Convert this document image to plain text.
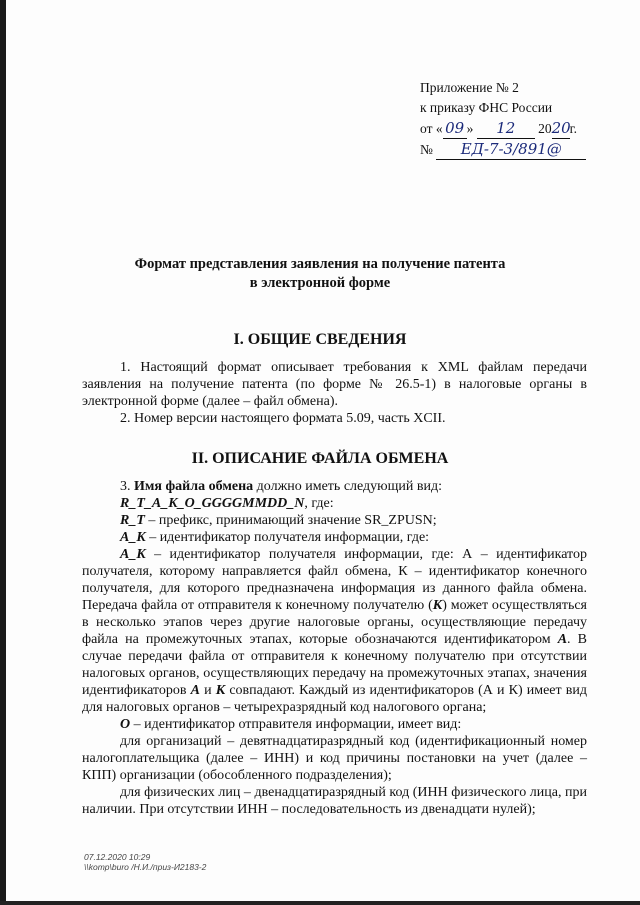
Приложение № 2
к приказу ФНС России
от « 09 » 12 2020г.
№ ЕД-7-3/891@
Формат представления заявления на получение патента
в электронной форме
I. ОБЩИЕ СВЕДЕНИЯ

1. Настоящий формат описывает требования к XML файлам передачи заявления на получение патента (по форме № 26.5-1) в налоговые органы в электронной форме (далее – файл обмена).

2. Номер версии настоящего формата 5.09, часть XCII.

II. ОПИСАНИЕ ФАЙЛА ОБМЕНА

3. Имя файла обмена должно иметь следующий вид:

R_T_A_K_O_GGGGMMDD_N, где:

R_T – префикс, принимающий значение SR_ZPUSN;

A_K – идентификатор получателя информации, где:

A_K – идентификатор получателя информации, где: А – идентификатор получателя, которому направляется файл обмена, К – идентификатор конечного получателя, для которого предназначена информация из данного файла обмена. Передача файла от отправителя к конечному получателю (К) может осуществляться в несколько этапов через другие налоговые органы, осуществляющие передачу файла на промежуточных этапах, которые обозначаются идентификатором А. В случае передачи файла от отправителя к конечному получателю при отсутствии налоговых органов, осуществляющих передачу на промежуточных этапах, значения идентификаторов А и К совпадают. Каждый из идентификаторов (А и К) имеет вид для налоговых органов – четырехразрядный код налогового органа;

O – идентификатор отправителя информации, имеет вид:

для организаций – девятнадцатиразрядный код (идентификационный номер налогоплательщика (далее – ИНН) и код причины постановки на учет (далее – КПП) организации (обособленного подразделения);

для физических лиц – двенадцатиразрядный код (ИНН физического лица, при наличии. При отсутствии ИНН – последовательность из двенадцати нулей);

07.12.2020 10:29
\\komp\buro /Н.И./приз-И2183-2
